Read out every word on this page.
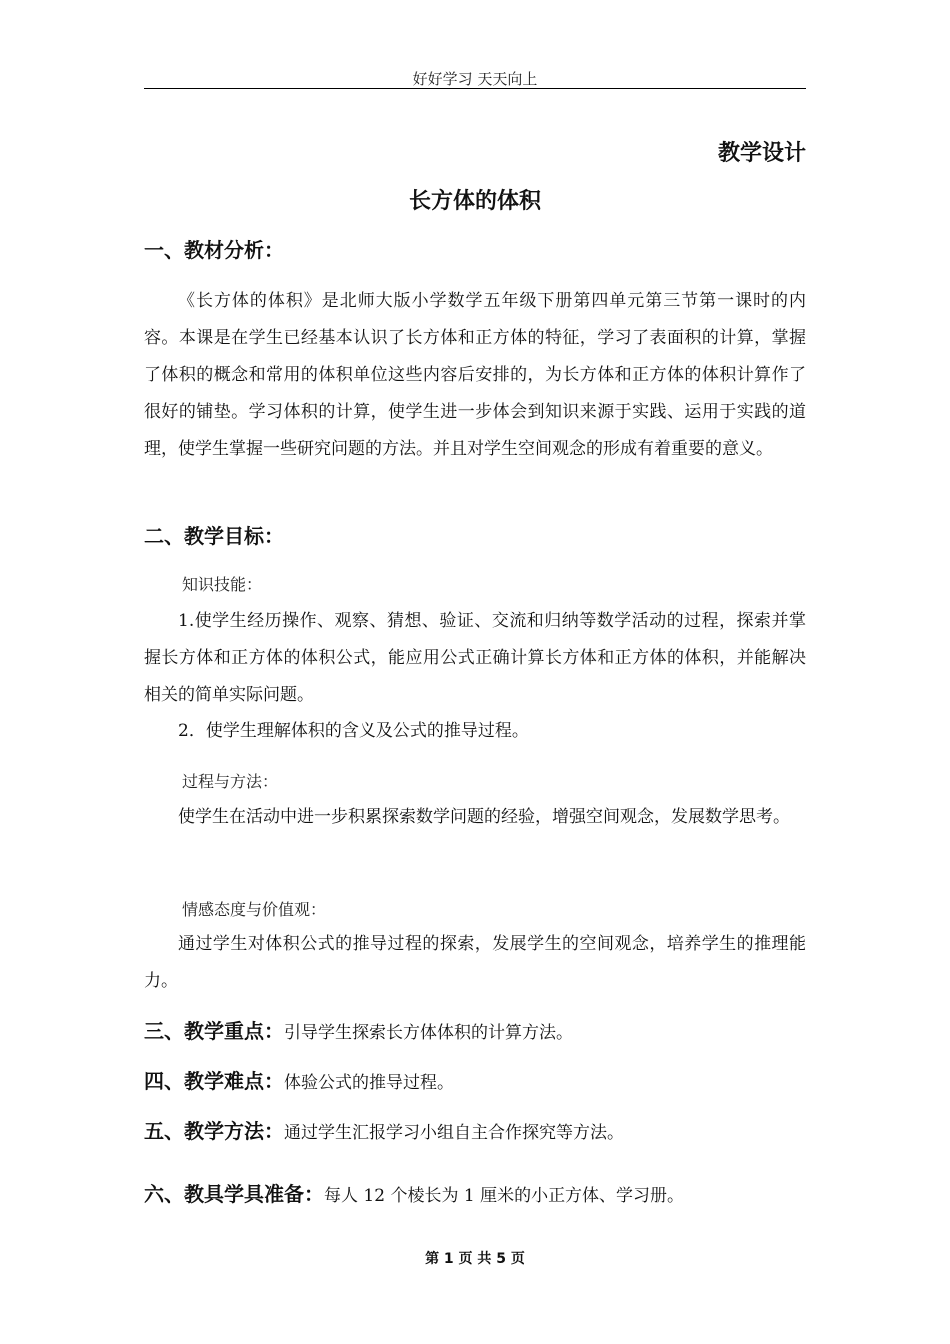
好好学习 天天向上
教学设计
长方体的体积
一、教材分析：

《长方体的体积》是北师大版小学数学五年级下册第四单元第三节第一课时的内容。本课是在学生已经基本认识了长方体和正方体的特征，学习了表面积的计算，掌握了体积的概念和常用的体积单位这些内容后安排的，为长方体和正方体的体积计算作了很好的铺垫。学习体积的计算，使学生进一步体会到知识来源于实践、运用于实践的道理，使学生掌握一些研究问题的方法。并且对学生空间观念的形成有着重要的意义。

二、教学目标：
知识技能：

1.使学生经历操作、观察、猜想、验证、交流和归纳等数学活动的过程，探索并掌握长方体和正方体的体积公式，能应用公式正确计算长方体和正方体的体积，并能解决相关的简单实际问题。

2．使学生理解体积的含义及公式的推导过程。

过程与方法：

使学生在活动中进一步积累探索数学问题的经验，增强空间观念，发展数学思考。

情感态度与价值观：

通过学生对体积公式的推导过程的探索，发展学生的空间观念，培养学生的推理能力。

三、教学重点：引导学生探索长方体体积的计算方法。
四、教学难点：体验公式的推导过程。
五、教学方法：通过学生汇报学习小组自主合作探究等方法。
六、教具学具准备：每人 12 个棱长为 1 厘米的小正方体、学习册。
第 1 页 共 5 页
